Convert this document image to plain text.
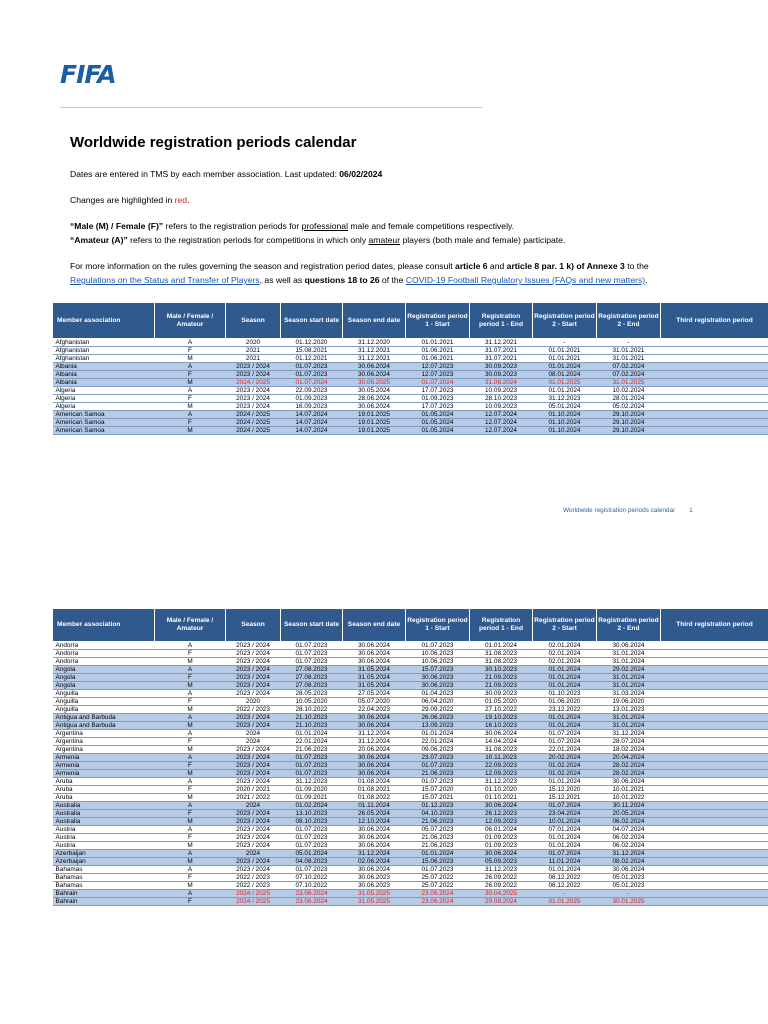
FIFA
Worldwide registration periods calendar
Dates are entered in TMS by each member association. Last updated: 06/02/2024
Changes are highlighted in red.
“Male (M) / Female (F)” refers to the registration periods for professional male and female competitions respectively.
“Amateur (A)” refers to the registration periods for competitions in which only amateur players (both male and female) participate.
For more information on the rules governing the season and registration period dates, please consult article 6 and article 8 par. 1 k) of Annexe 3 to the
Regulations on the Status and Transfer of Players, as well as questions 18 to 26 of the COVID-19 Football Regulatory Issues (FAQs and new matters).
Member association	Male / Female / Amateur	Season	Season start date	Season end date	Registration period 1 - Start	Registration period 1 - End	Registration period 2 - Start	Registration period 2 - End	Third registration period
Afghanistan	A	2020	01.12.2020	31.12.2020	01.01.2021	31.12.2021	-	-	
Afghanistan	F	2021	15.08.2021	31.12.2021	01.06.2021	31.07.2021	01.01.2021	31.01.2021	
Afghanistan	M	2021	01.12.2021	31.12.2021	01.06.2021	31.07.2021	01.01.2021	31.01.2021	
Albania	A	2023 / 2024	01.07.2023	30.06.2024	12.07.2023	30.09.2023	01.01.2024	07.02.2024	
Albania	F	2023 / 2024	01.07.2023	30.06.2024	12.07.2023	30.09.2023	08.01.2024	07.02.2024	
Albania	M	2024 / 2025	01.07.2024	30.06.2025	01.07.2024	31.08.2024	01.01.2025	31.01.2025	
Algeria	A	2023 / 2024	22.09.2023	30.05.2024	17.07.2023	10.09.2023	01.01.2024	10.02.2024	
Algeria	F	2023 / 2024	01.09.2023	28.06.2024	01.09.2023	28.10.2023	31.12.2023	28.01.2024	
Algeria	M	2023 / 2024	16.09.2023	30.06.2024	17.07.2023	10.09.2023	05.01.2024	05.02.2024	
American Samoa	A	2024 / 2025	14.07.2024	19.01.2025	01.05.2024	12.07.2024	01.10.2024	29.10.2024	
American Samoa	F	2024 / 2025	14.07.2024	19.01.2025	01.05.2024	12.07.2024	01.10.2024	29.10.2024	
American Samoa	M	2024 / 2025	14.07.2024	19.01.2025	01.05.2024	12.07.2024	01.10.2024	29.10.2024	
Worldwide registration periods calendar 1
Member association	Male / Female / Amateur	Season	Season start date	Season end date	Registration period 1 - Start	Registration period 1 - End	Registration period 2 - Start	Registration period 2 - End	Third registration period
Andorra	A	2023 / 2024	01.07.2023	30.06.2024	01.07.2023	01.01.2024	02.01.2024	30.06.2024	
Andorra	F	2023 / 2024	01.07.2023	30.06.2024	10.06.2023	31.08.2023	02.01.2024	31.01.2024	
Andorra	M	2023 / 2024	01.07.2023	30.06.2024	10.06.2023	31.08.2023	02.01.2024	31.01.2024	
Angola	A	2023 / 2024	27.08.2023	31.05.2024	15.07.2023	30.10.2023	01.01.2024	29.02.2024	
Angola	F	2023 / 2024	27.08.2023	31.05.2024	30.06.2023	21.09.2023	01.01.2024	31.01.2024	
Angola	M	2023 / 2024	27.08.2023	31.05.2024	30.06.2023	21.09.2023	01.01.2024	31.01.2024	
Anguilla	A	2023 / 2024	28.05.2023	27.05.2024	01.04.2023	30.09.2023	01.10.2023	31.03.2024	
Anguilla	F	2020	10.05.2020	05.07.2020	06.04.2020	01.05.2020	01.06.2020	19.06.2020	
Anguilla	M	2022 / 2023	28.10.2022	22.04.2023	29.09.2022	27.10.2022	23.12.2022	13.01.2023	
Antigua and Barbuda	A	2023 / 2024	21.10.2023	30.06.2024	26.06.2023	19.10.2023	01.01.2024	31.01.2024	
Antigua and Barbuda	M	2023 / 2024	21.10.2023	30.06.2024	13.09.2023	16.10.2023	01.01.2024	31.01.2024	
Argentina	A	2024	01.01.2024	31.12.2024	01.01.2024	30.06.2024	01.07.2024	31.12.2024	
Argentina	F	2024	22.01.2024	31.12.2024	22.01.2024	14.04.2024	01.07.2024	28.07.2024	
Argentina	M	2023 / 2024	21.06.2023	20.06.2024	09.06.2023	31.08.2023	22.01.2024	18.02.2024	
Armenia	A	2023 / 2024	01.07.2023	30.06.2024	23.07.2023	10.11.2023	20.02.2024	20.04.2024	
Armenia	F	2023 / 2024	01.07.2023	30.06.2024	01.07.2023	22.09.2023	01.02.2024	28.02.2024	
Armenia	M	2023 / 2024	01.07.2023	30.06.2024	21.06.2023	12.09.2023	01.02.2024	28.02.2024	
Aruba	A	2023 / 2024	31.12.2023	01.08.2024	01.07.2023	31.12.2023	01.01.2024	30.06.2024	
Aruba	F	2020 / 2021	01.09.2020	01.08.2021	15.07.2020	01.10.2020	15.12.2020	10.01.2021	
Aruba	M	2021 / 2022	01.09.2021	01.08.2022	15.07.2021	01.10.2021	15.12.2021	10.01.2022	
Australia	A	2024	01.02.2024	01.11.2024	01.12.2023	30.06.2024	01.07.2024	30.11.2024	
Australia	F	2023 / 2024	13.10.2023	26.05.2024	04.10.2023	26.12.2023	23.04.2024	20.05.2024	
Australia	M	2023 / 2024	08.10.2023	12.10.2024	21.06.2023	12.09.2023	10.01.2024	06.02.2024	
Austria	A	2023 / 2024	01.07.2023	30.06.2024	05.07.2023	06.01.2024	07.01.2024	04.07.2024	
Austria	F	2023 / 2024	01.07.2023	30.06.2024	21.06.2023	01.09.2023	01.01.2024	06.02.2024	
Austria	M	2023 / 2024	01.07.2023	30.06.2024	21.06.2023	01.09.2023	01.01.2024	06.02.2024	
Azerbaijan	A	2024	05.01.2024	31.12.2024	01.01.2024	30.06.2024	01.07.2024	31.12.2024	
Azerbaijan	M	2023 / 2024	04.08.2023	02.06.2024	15.06.2023	05.09.2023	11.01.2024	08.02.2024	
Bahamas	A	2023 / 2024	01.07.2023	30.06.2024	01.07.2023	31.12.2023	01.01.2024	30.06.2024	
Bahamas	F	2022 / 2023	07.10.2022	30.06.2023	25.07.2022	26.09.2022	06.12.2022	05.01.2023	
Bahamas	M	2022 / 2023	07.10.2022	30.06.2023	25.07.2022	26.09.2022	06.12.2022	05.01.2023	
Bahrain	A	2024 / 2025	23.06.2024	31.05.2025	23.06.2024	30.04.2025	-	-	
Bahrain	F	2024 / 2025	23.06.2024	31.05.2025	23.06.2024	29.08.2024	01.01.2025	30.01.2025	
